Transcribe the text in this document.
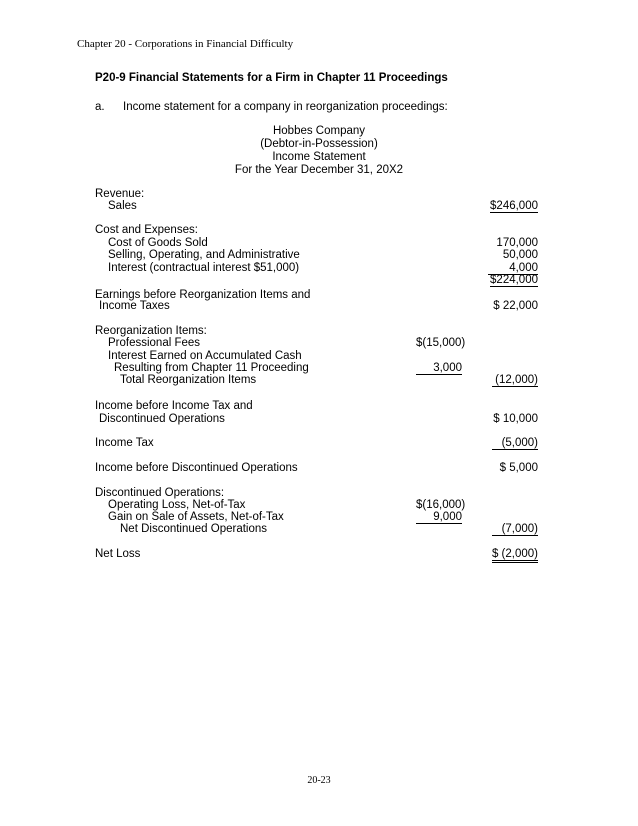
Chapter 20 - Corporations in Financial Difficulty
P20-9 Financial Statements for a Firm in Chapter 11 Proceedings
a. Income statement for a company in reorganization proceedings:
Hobbes Company
(Debtor-in-Possession)
Income Statement
For the Year December 31, 20X2
Revenue:
Sales	$246,000
Cost and Expenses:
Cost of Goods Sold	170,000
Selling, Operating, and Administrative	50,000
Interest (contractual interest $51,000)	4,000
$224,000
Earnings before Reorganization Items and
Income Taxes	$ 22,000
Reorganization Items:
Professional Fees	$(15,000)
Interest Earned on Accumulated Cash
Resulting from Chapter 11 Proceeding	3,000
Total Reorganization Items	(12,000)
Income before Income Tax and
Discontinued Operations	$ 10,000
Income Tax	(5,000)
Income before Discontinued Operations	$ 5,000
Discontinued Operations:
Operating Loss, Net-of-Tax	$(16,000)
Gain on Sale of Assets, Net-of-Tax	9,000
Net Discontinued Operations	(7,000)
Net Loss	$ (2,000)
20-23
